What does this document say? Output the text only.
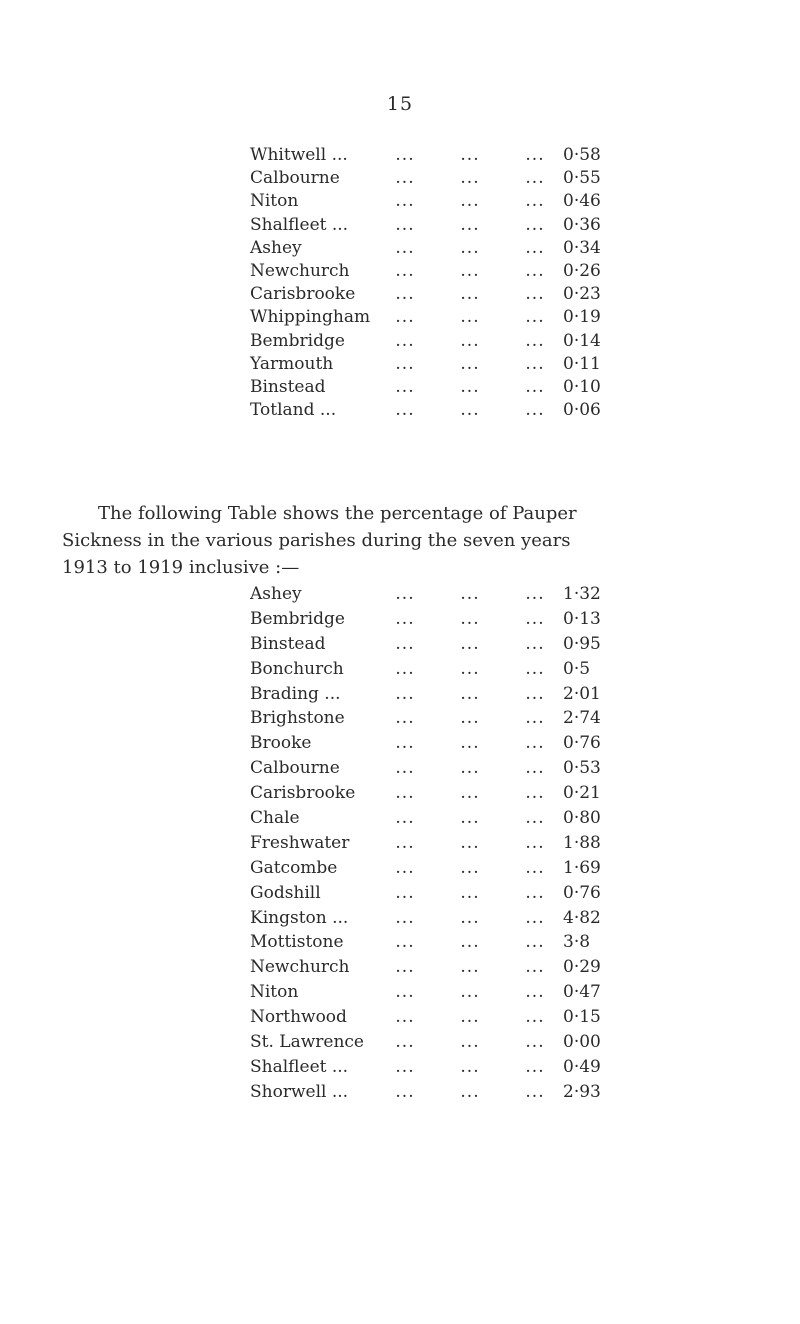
15
Whitwell ...	...	...	...	0·58
Calbourne	...	...	...	0·55
Niton	...	...	...	0·46
Shalfleet ...	...	...	...	0·36
Ashey	...	...	...	0·34
Newchurch	...	...	...	0·26
Carisbrooke	...	...	...	0·23
Whippingham	...	...	...	0·19
Bembridge	...	...	...	0·14
Yarmouth	...	...	...	0·11
Binstead	...	...	...	0·10
Totland ...	...	...	...	0·06
The following Table shows the percentage of Pauper
Sickness in the various parishes during the seven years
1913 to 1919 inclusive :—
Ashey	...	...	...	1·32
Bembridge	...	...	...	0·13
Binstead	...	...	...	0·95
Bonchurch	...	...	...	0·5
Brading ...	...	...	...	2·01
Brighstone	...	...	...	2·74
Brooke	...	...	...	0·76
Calbourne	...	...	...	0·53
Carisbrooke	...	...	...	0·21
Chale	...	...	...	0·80
Freshwater	...	...	...	1·88
Gatcombe	...	...	...	1·69
Godshill	...	...	...	0·76
Kingston ...	...	...	...	4·82
Mottistone	...	...	...	3·8
Newchurch	...	...	...	0·29
Niton	...	...	...	0·47
Northwood	...	...	...	0·15
St. Lawrence	...	...	...	0·00
Shalfleet ...	...	...	...	0·49
Shorwell ...	...	...	...	2·93
